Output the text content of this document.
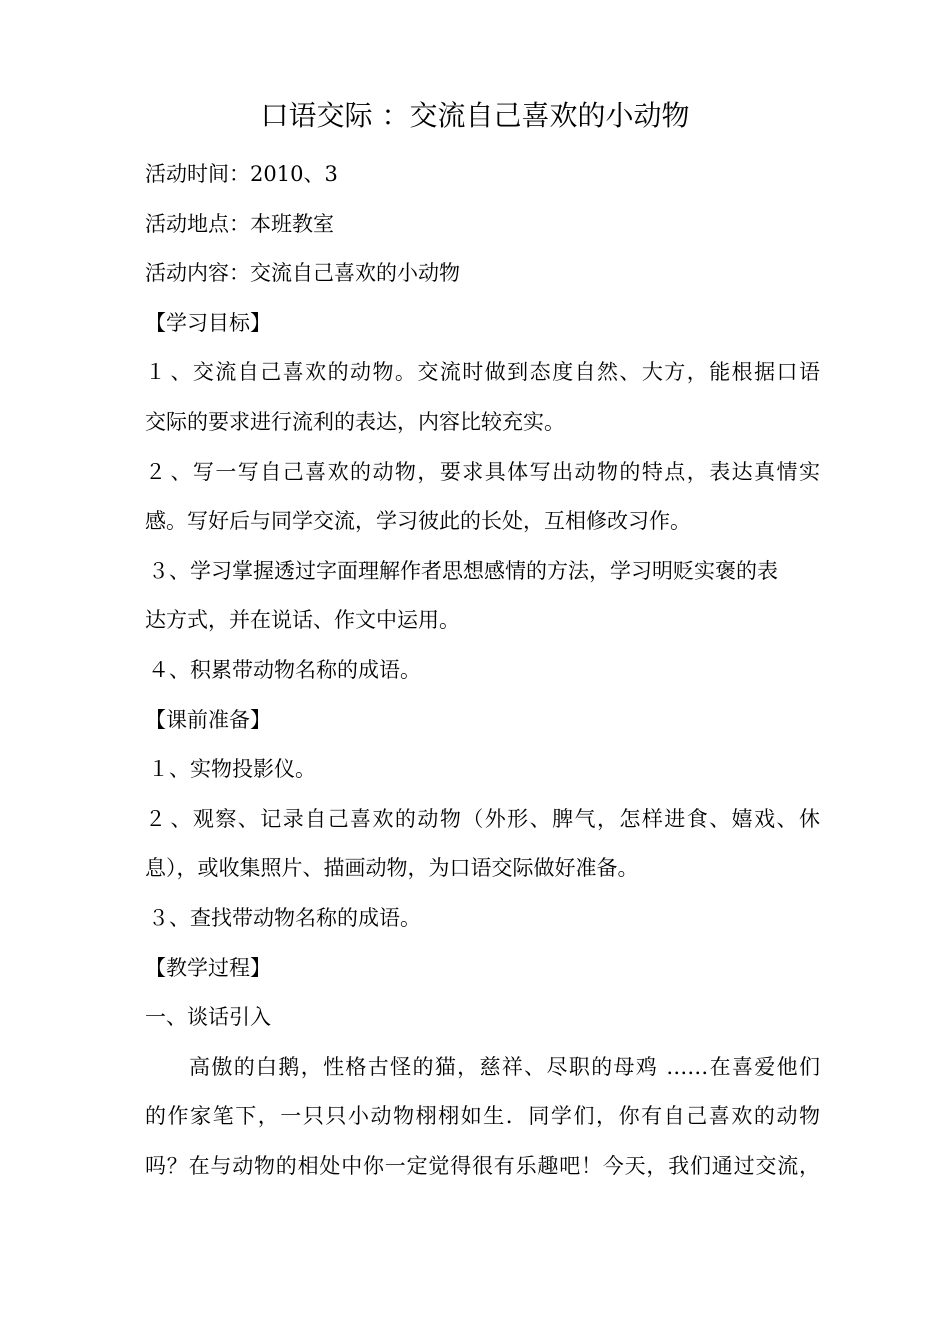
口语交际 ：交流自己喜欢的小动物
活动时间：2010、3
活动地点：本班教室
活动内容：交流自己喜欢的小动物
【学习目标】
１ 、交流自己喜欢的动物。交流时做到态度自然、大方，能根据口语
交际的要求进行流利的表达，内容比较充实。
２ 、写一写自己喜欢的动物，要求具体写出动物的特点，表达真情实
感。写好后与同学交流，学习彼此的长处，互相修改习作。
３、学习掌握透过字面理解作者思想感情的方法，学习明贬实褒的表
达方式，并在说话、作文中运用。
４、积累带动物名称的成语。
【课前准备】
１、实物投影仪。
２ 、观察、记录自己喜欢的动物（外形、脾气，怎样进食、嬉戏、休
息），或收集照片、描画动物，为口语交际做好准备。
３、查找带动物名称的成语。
【教学过程】
一、谈话引入
高傲的白鹅，性格古怪的猫，慈祥、尽职的母鸡 ……在喜爱他们
的作家笔下，一只只小动物栩栩如生．同学们，你有自己喜欢的动物
吗？在与动物的相处中你一定觉得很有乐趣吧！今天，我们通过交流，
